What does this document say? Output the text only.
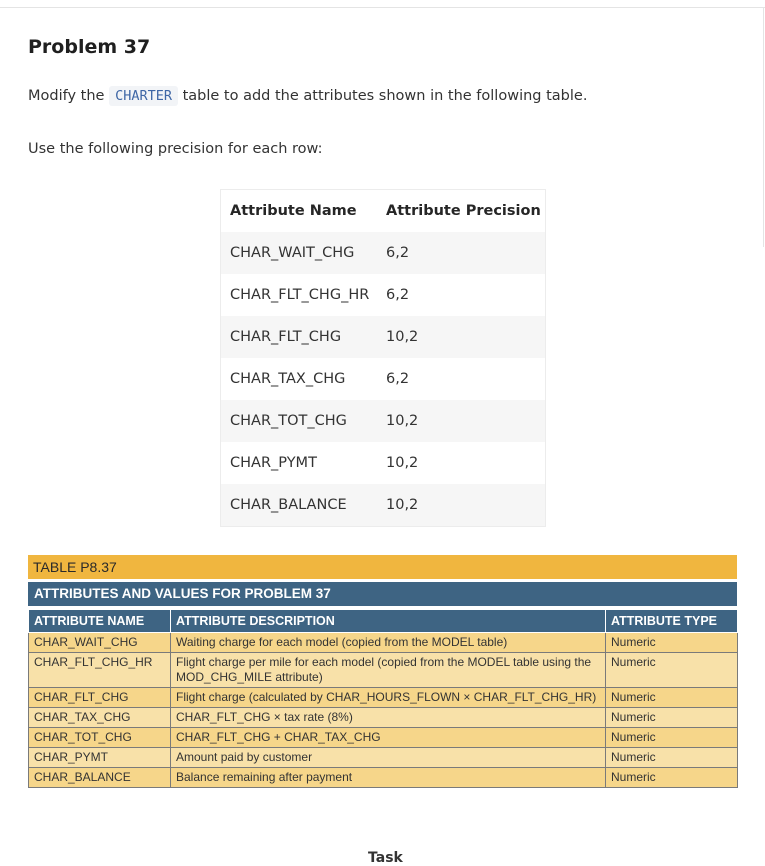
Problem 37

Modify the CHARTER table to add the attributes shown in the following table.

Use the following precision for each row:

Attribute Name	Attribute Precision
CHAR_WAIT_CHG	6,2
CHAR_FLT_CHG_HR	6,2
CHAR_FLT_CHG	10,2
CHAR_TAX_CHG	6,2
CHAR_TOT_CHG	10,2
CHAR_PYMT	10,2
CHAR_BALANCE	10,2
TABLE P8.37
ATTRIBUTES AND VALUES FOR PROBLEM 37
ATTRIBUTE NAME	ATTRIBUTE DESCRIPTION	ATTRIBUTE TYPE
CHAR_WAIT_CHG	Waiting charge for each model (copied from the MODEL table)	Numeric
CHAR_FLT_CHG_HR	Flight charge per mile for each model (copied from the MODEL table using the MOD_CHG_MILE attribute)	Numeric
CHAR_FLT_CHG	Flight charge (calculated by CHAR_HOURS_FLOWN × CHAR_FLT_CHG_HR)	Numeric
CHAR_TAX_CHG	CHAR_FLT_CHG × tax rate (8%)	Numeric
CHAR_TOT_CHG	CHAR_FLT_CHG + CHAR_TAX_CHG	Numeric
CHAR_PYMT	Amount paid by customer	Numeric
CHAR_BALANCE	Balance remaining after payment	Numeric
Task
